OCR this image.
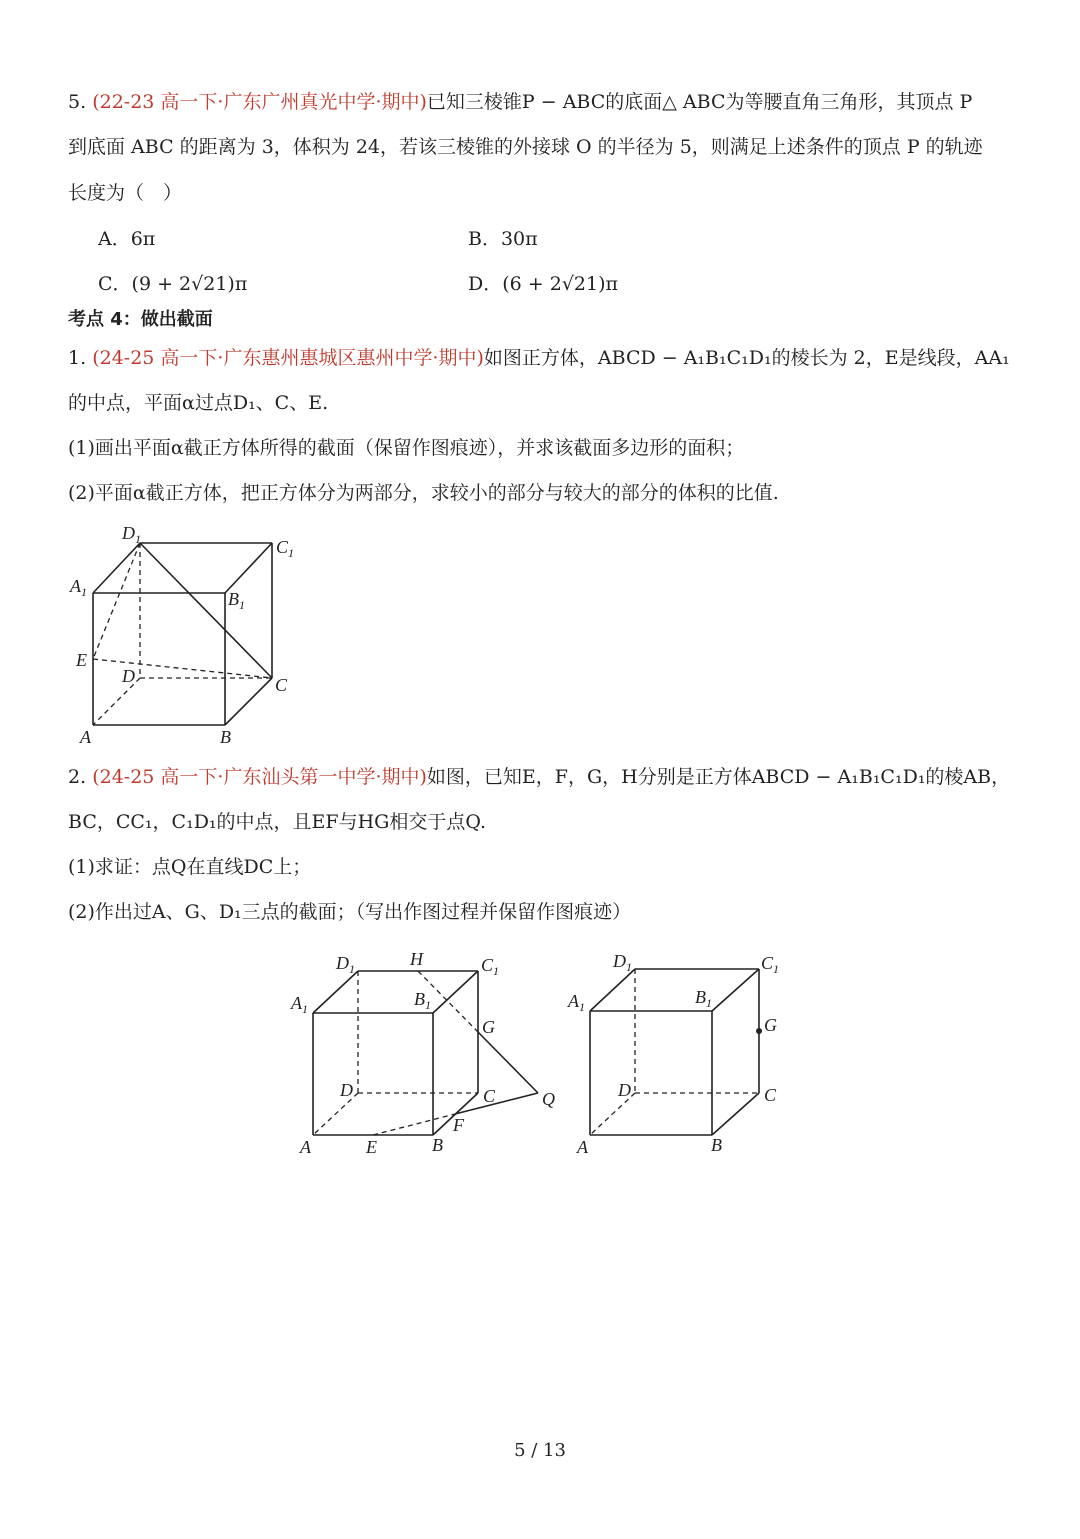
5. (22-23 高一下·广东广州真光中学·期中)已知三棱锥P − ABC的底面△ ABC为等腰直角三角形，其顶点 P
到底面 ABC 的距离为 3，体积为 24，若该三棱锥的外接球 O 的半径为 5，则满足上述条件的顶点 P 的轨迹
长度为（　）
A．6π	B．30π
C．(9 + 2√21)π	D．(6 + 2√21)π
考点 4：做出截面
1. (24-25 高一下·广东惠州惠城区惠州中学·期中)如图正方体，ABCD − A₁B₁C₁D₁的棱长为 2，E是线段，AA₁
的中点，平面α过点D₁、C、E.
(1)画出平面α截正方体所得的截面（保留作图痕迹），并求该截面多边形的面积；
(2)平面α截正方体，把正方体分为两部分，求较小的部分与较大的部分的体积的比值.
$D_1$	$C_1$
$A_1$	$B_1$
E
D	C
A	B
2. (24-25 高一下·广东汕头第一中学·期中)如图，已知E，F，G，H分别是正方体ABCD − A₁B₁C₁D₁的棱AB，
BC，CC₁，C₁D₁的中点，且EF与HG相交于点Q.
(1)求证：点Q在直线DC上；
(2)作出过A、G、D₁三点的截面；（写出作图过程并保留作图痕迹）
$D_1$	H	$C_1$
$A_1$	$B_1$
G
D	C	Q
F
A	E	B
$D_1$	$C_1$
$A_1$	$B_1$
G
D	C
A	B
5 / 13
